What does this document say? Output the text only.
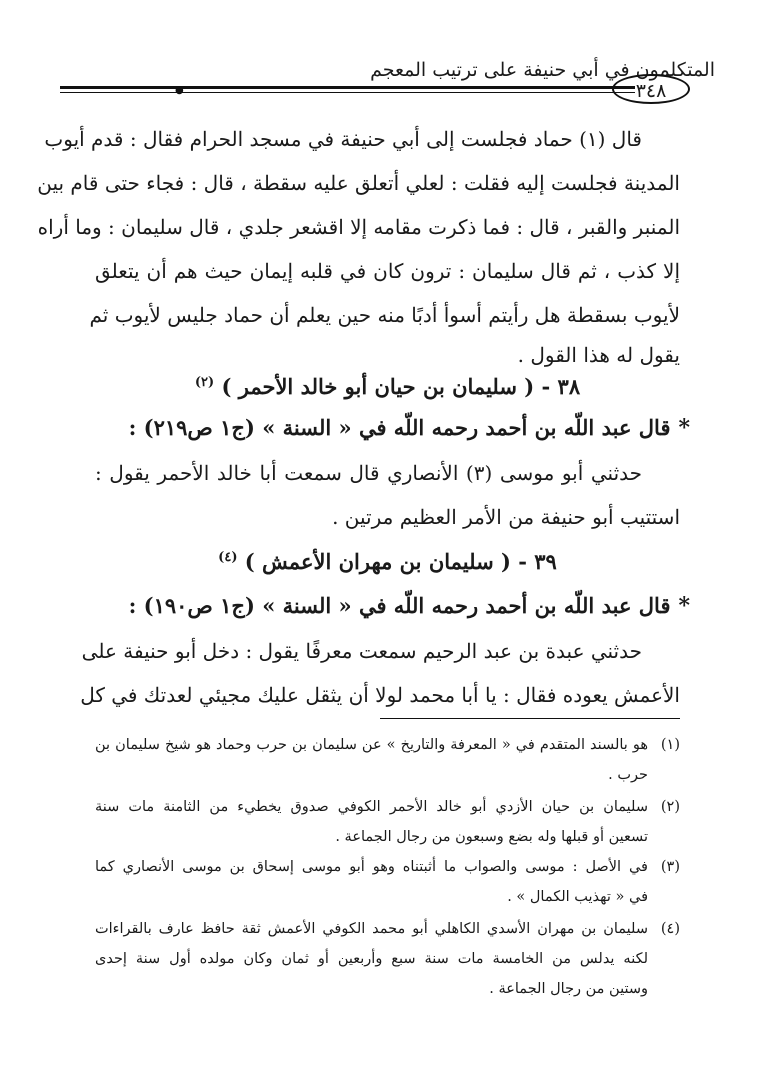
المتكلمون في أبي حنيفة على ترتيب المعجم
●	٣٤٨
قال (١) حماد فجلست إلى أبي حنيفة في مسجد الحرام فقال : قدم أيوب
المدينة فجلست إليه فقلت : لعلي أتعلق عليه سقطة ، قال : فجاء حتى قام بين
المنبر والقبر ، قال : فما ذكرت مقامه إلا اقشعر جلدي ، قال سليمان : وما أراه
إلا كذب ، ثم قال سليمان : ترون كان في قلبه إيمان حيث هم أن يتعلق
لأيوب بسقطة هل رأيتم أسوأ أدبًا منه حين يعلم أن حماد جليس لأيوب ثم
يقول له هذا القول .
٣٨ - ( سليمان بن حيان أبو خالد الأحمر ) $^{(٢)}$
*قال عبد اللّه بن أحمد رحمه اللّه في « السنة » (ج١ ص٢١٩) :
حدثني أبو موسى (٣) الأنصاري قال سمعت أبا خالد الأحمر يقول :
استتيب أبو حنيفة من الأمر العظيم مرتين .
٣٩ - ( سليمان بن مهران الأعمش ) $^{(٤)}$
*قال عبد اللّه بن أحمد رحمه اللّه في « السنة » (ج١ ص١٩٠) :
حدثني عبدة بن عبد الرحيم سمعت معرفًا يقول : دخل أبو حنيفة على
الأعمش يعوده فقال : يا أبا محمد لولا أن يثقل عليك مجيئي لعدتك في كل
(١)
هو بالسند المتقدم في « المعرفة والتاريخ » عن سليمان بن حرب وحماد هو شيخ سليمان بن
حرب .
(٢)
سليمان بن حيان الأزدي أبو خالد الأحمر الكوفي صدوق يخطيء من الثامنة مات سنة
تسعين أو قبلها وله بضع وسبعون من رجال الجماعة .
(٣)
في الأصل : موسى والصواب ما أثبتناه وهو أبو موسى إسحاق بن موسى الأنصاري كما
في « تهذيب الكمال » .
(٤)
سليمان بن مهران الأسدي الكاهلي أبو محمد الكوفي الأعمش ثقة حافظ عارف بالقراءات
لكنه يدلس من الخامسة مات سنة سبع وأربعين أو ثمان وكان مولده أول سنة إحدى
وستين من رجال الجماعة .
